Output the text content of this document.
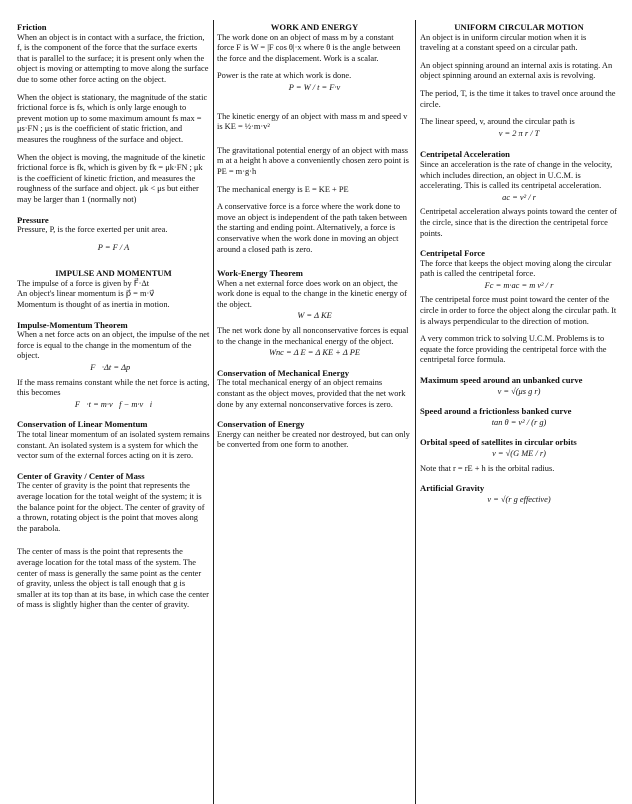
Friction

When an object is in contact with a surface, the friction, f, is the component of the force that the surface exerts that is parallel to the surface; it is present only when the object is moving or attempting to move along the surface due to some other force acting on the object.

When the object is stationary, the magnitude of the static frictional force is fs, which is only large enough to prevent motion up to some maximum amount fs max = μs·FN ; μs is the coefficient of static friction, and measures the roughness of the surface and object.

When the object is moving, the magnitude of the kinetic frictional force is fk, which is given by fk = μk·FN ; μk is the coefficient of kinetic friction, and measures the roughness of the surface and object. μk < μs but either may be larger than 1 (normally not)

Pressure

Pressure, P, is the force exerted per unit area.

P = F / A
IMPULSE AND MOMENTUM
The impulse of a force is given by F⃗·Δt
An object's linear momentum is p⃗ = m·v⃗
Momentum is thought of as inertia in motion.
Impulse-Momentum Theorem
When a net force acts on an object, the impulse of the net force is equal to the change in the momentum of the object.
F⃗·Δt = Δp⃗
If the mass remains constant while the net force is acting, this becomes
F⃗·t = m·v⃗f − m·v⃗i
Conservation of Linear Momentum

The total linear momentum of an isolated system remains constant. An isolated system is a system for which the vector sum of the external forces acting on it is zero.

Center of Gravity / Center of Mass

The center of gravity is the point that represents the average location for the total weight of the system; it is the balance point for the object. The center of gravity of a thrown, rotating object is the point that moves along the parabola.

The center of mass is the point that represents the average location for the total mass of the system. The center of mass is generally the same point as the center of gravity, unless the object is tall enough that g is smaller at its top than at its base, in which case the center of mass is slightly higher than the center of gravity.

WORK AND ENERGY

The work done on an object of mass m by a constant force F is W = |F cos θ|·x where θ is the angle between the force and the displacement. Work is a scalar.

Power is the rate at which work is done.
P = W / t = F·v

The kinetic energy of an object with mass m and speed v is KE = ½·m·v²

The gravitational potential energy of an object with mass m at a height h above a conveniently chosen zero point is PE = m·g·h

The mechanical energy is E = KE + PE

A conservative force is a force where the work done to move an object is independent of the path taken between the starting and ending point. Alternatively, a force is conservative when the work done in moving an object around a closed path is zero.

Work-Energy Theorem
When a net external force does work on an object, the work done is equal to the change in the kinetic energy of the object.
W = Δ KE
The net work done by all nonconservative forces is equal to the change in the mechanical energy of the object.
Wnc = Δ E = Δ KE + Δ PE
Conservation of Mechanical Energy

The total mechanical energy of an object remains constant as the object moves, provided that the net work done by any external nonconservative forces is zero.

Conservation of Energy

Energy can neither be created nor destroyed, but can only be converted from one form to another.

UNIFORM CIRCULAR MOTION

An object is in uniform circular motion when it is traveling at a constant speed on a circular path.

An object spinning around an internal axis is rotating. An object spinning around an external axis is revolving.

The period, T, is the time it takes to travel once around the circle.

The linear speed, v, around the circular path is
v = 2 π r / T
Centripetal Acceleration
Since an acceleration is the rate of change in the velocity, which includes direction, an object in U.C.M. is accelerating. This is called its centripetal acceleration.
ac = v² / r

Centripetal acceleration always points toward the center of the circle, since that is the direction the centripetal force points.

Centripetal Force
The force that keeps the object moving along the circular path is called the centripetal force.
Fc = m·ac = m v² / r

The centripetal force must point toward the center of the circle in order to force the object along the circular path. It is always perpendicular to the direction of motion.

A very common trick to solving U.C.M. Problems is to equate the force providing the centripetal force with the centripetal force formula.

Maximum speed around an unbanked curve
v = √(μs g r)
Speed around a frictionless banked curve
tan θ = v² / (r g)
Orbital speed of satellites in circular orbits
v = √(G ME / r)
Note that r = rE + h is the orbital radius.
Artificial Gravity
v = √(r g effective)
